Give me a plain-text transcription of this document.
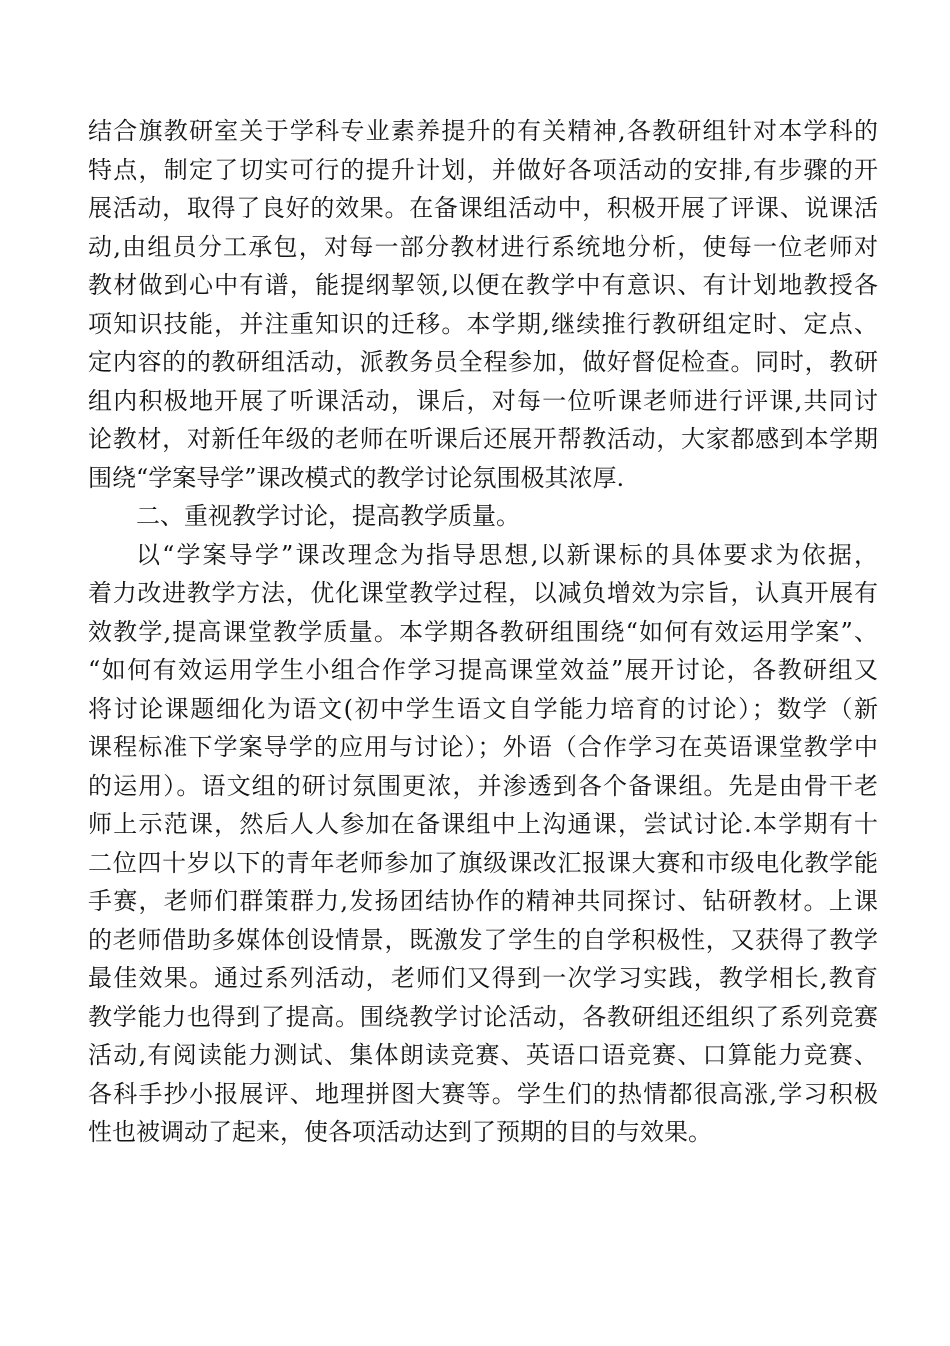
结合旗教研室关于学科专业素养提升的有关精神,各教研组针对本学科的
特点，制定了切实可行的提升计划，并做好各项活动的安排,有步骤的开
展活动，取得了良好的效果。在备课组活动中，积极开展了评课、说课活
动,由组员分工承包，对每一部分教材进行系统地分析，使每一位老师对
教材做到心中有谱，能提纲挈领,以便在教学中有意识、有计划地教授各
项知识技能，并注重知识的迁移。本学期,继续推行教研组定时、定点、
定内容的的教研组活动，派教务员全程参加，做好督促检查。同时，教研
组内积极地开展了听课活动，课后，对每一位听课老师进行评课,共同讨
论教材，对新任年级的老师在听课后还展开帮教活动，大家都感到本学期
围绕“学案导学”课改模式的教学讨论氛围极其浓厚.
二、重视教学讨论，提高教学质量。
以“学案导学”课改理念为指导思想,以新课标的具体要求为依据，
着力改进教学方法，优化课堂教学过程，以减负增效为宗旨，认真开展有
效教学,提高课堂教学质量。本学期各教研组围绕“如何有效运用学案”、
“如何有效运用学生小组合作学习提高课堂效益”展开讨论，各教研组又
将讨论课题细化为语文(初中学生语文自学能力培育的讨论）；数学（新
课程标准下学案导学的应用与讨论）；外语（合作学习在英语课堂教学中
的运用）。语文组的研讨氛围更浓，并渗透到各个备课组。先是由骨干老
师上示范课，然后人人参加在备课组中上沟通课，尝试讨论.本学期有十
二位四十岁以下的青年老师参加了旗级课改汇报课大赛和市级电化教学能
手赛，老师们群策群力,发扬团结协作的精神共同探讨、钻研教材。上课
的老师借助多媒体创设情景，既激发了学生的自学积极性，又获得了教学
最佳效果。通过系列活动，老师们又得到一次学习实践，教学相长,教育
教学能力也得到了提高。围绕教学讨论活动，各教研组还组织了系列竞赛
活动,有阅读能力测试、集体朗读竞赛、英语口语竞赛、口算能力竞赛、
各科手抄小报展评、地理拼图大赛等。学生们的热情都很高涨,学习积极
性也被调动了起来，使各项活动达到了预期的目的与效果。
